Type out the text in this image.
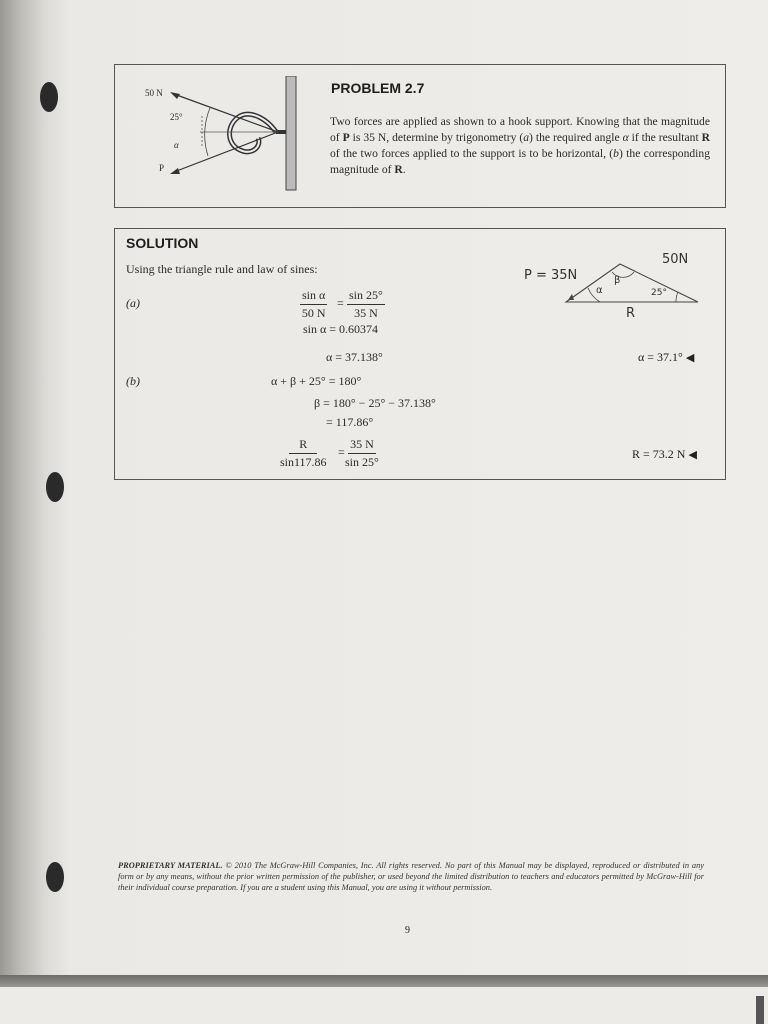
50 N
25°
α
P
PROBLEM 2.7
Two forces are applied as shown to a hook support. Knowing that the magnitude of P is 35 N, determine by trigonometry (a) the required angle α if the resultant R of the two forces applied to the support is to be horizontal, (b) the corresponding magnitude of R.
SOLUTION
Using the triangle rule and law of sines:
(a)	$\frac{\text{sin α}}{50 N} = \frac{\sin 25^\circ}{35 N}$
sin α = 0.60374
α = 37.138°	α = 37.1° ◀
(b)	α + β + 25° = 180°
β = 180° − 25° − 37.138°
= 117.86°
$\frac{R}{\sin 117.86} = \frac{35 N}{\sin 25^\circ}$	R = 73.2 N ◀
P = 35N
50N
α
β
25°
R
PROPRIETARY MATERIAL. © 2010 The McGraw-Hill Companies, Inc. All rights reserved. No part of this Manual may be displayed, reproduced or distributed in any form or by any means, without the prior written permission of the publisher, or used beyond the limited distribution to teachers and educators permitted by McGraw-Hill for their individual course preparation. If you are a student using this Manual, you are using it without permission.
9
